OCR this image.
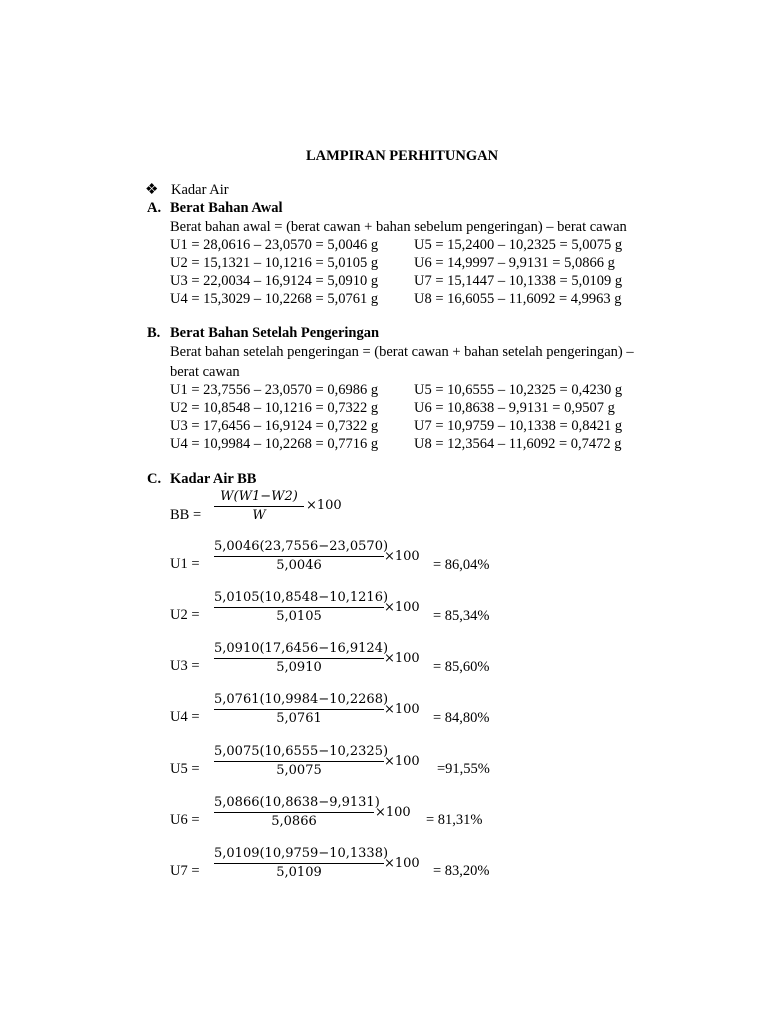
LAMPIRAN PERHITUNGAN
❖ Kadar Air
A. Berat Bahan Awal
Berat bahan awal = (berat cawan + bahan sebelum pengeringan) – berat cawan
U1 = 28,0616 – 23,0570 = 5,0046 g
U2 = 15,1321 – 10,1216 = 5,0105 g
U3 = 22,0034 – 16,9124 = 5,0910 g
U4 = 15,3029 – 10,2268 = 5,0761 g
U5 = 15,2400 – 10,2325 = 5,0075 g
U6 = 14,9997 – 9,9131 = 5,0866 g
U7 = 15,1447 – 10,1338 = 5,0109 g
U8 = 16,6055 – 11,6092 = 4,9963 g
B. Berat Bahan Setelah Pengeringan
Berat bahan setelah pengeringan = (berat cawan + bahan setelah pengeringan) –
berat cawan
U1 = 23,7556 – 23,0570 = 0,6986 g
U2 = 10,8548 – 10,1216 = 0,7322 g
U3 = 17,6456 – 16,9124 = 0,7322 g
U4 = 10,9984 – 10,2268 = 0,7716 g
U5 = 10,6555 – 10,2325 = 0,4230 g
U6 = 10,8638 – 9,9131 = 0,9507 g
U7 = 10,9759 – 10,1338 = 0,8421 g
U8 = 12,3564 – 11,6092 = 0,7472 g
C. Kadar Air BB
BB = $\frac{W(W1-W2)}{W} \times 100$
$U1 = \frac{5,0046(23,7556-23,0570)}{5,0046} \times 100$
= 86,04%
$U2 = \frac{5,0105(10,8548-10,1216)}{5,0105} \times 100$
= 85,34%
$U3 = \frac{5,0910(17,6456-16,9124)}{5,0910} \times 100$
= 85,60%
$U4 = \frac{5,0761(10,9984-10,2268)}{5,0761} \times 100$
= 84,80%
$U5 = \frac{5,0075(10,6555-10,2325)}{5,0075} \times 100 =91,55\%$
$U6 = \frac{5,0866(10,8638-9,9131)}{5,0866} \times 100 = 81,31\%$
$U7 = \frac{5,0109(10,9759-10,1338)}{5,0109} \times 100 = 83,20\%$
